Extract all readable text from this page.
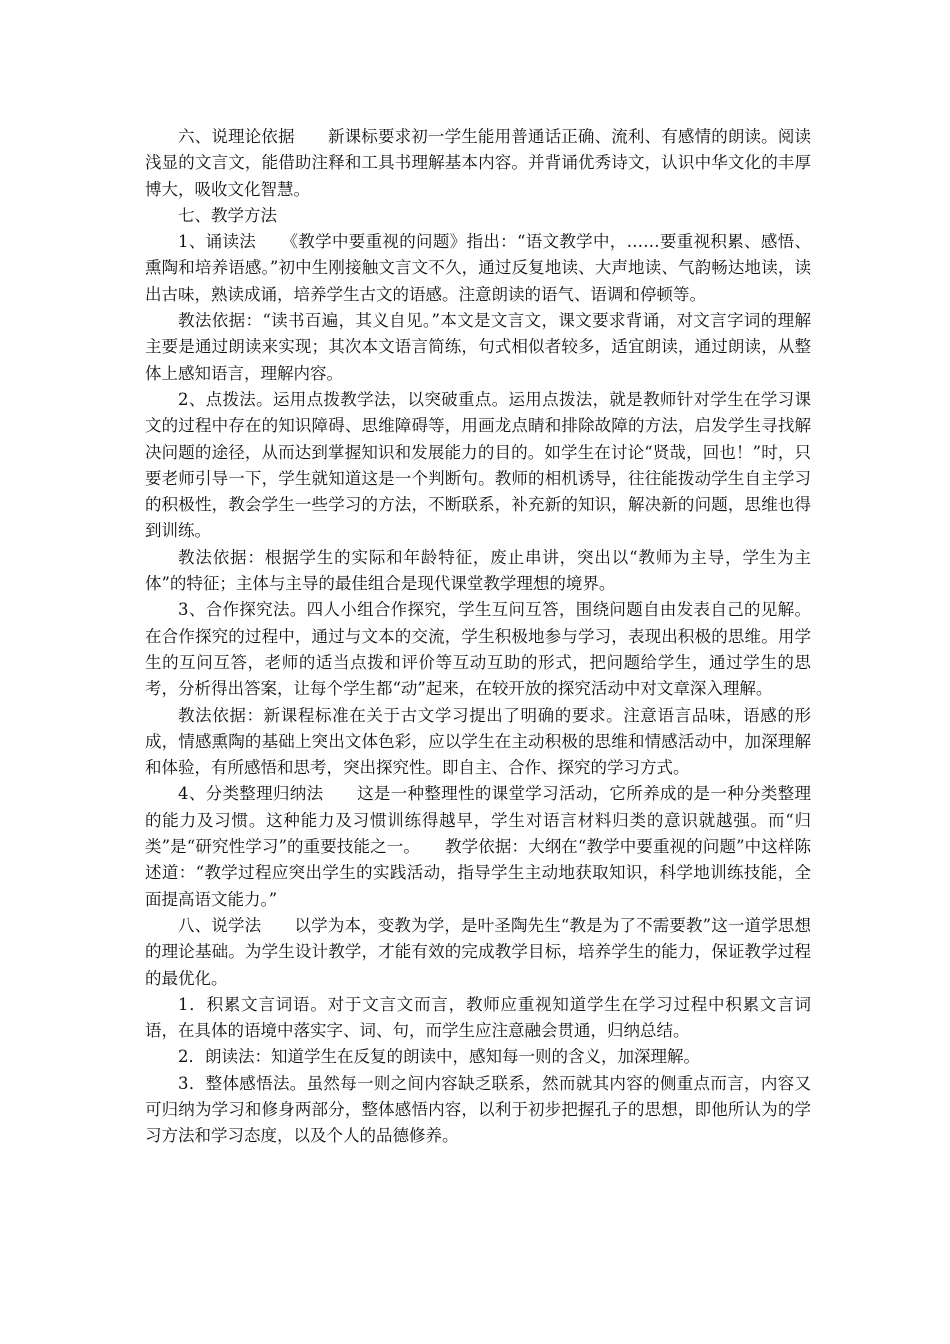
六、说理论依据　　新课标要求初一学生能用普通话正确、流利、有感情的朗读。阅读浅显的文言文，能借助注释和工具书理解基本内容。并背诵优秀诗文，认识中华文化的丰厚博大，吸收文化智慧。

七、教学方法

1、诵读法　　《教学中要重视的问题》指出：“语文教学中，……要重视积累、感悟、熏陶和培养语感。”初中生刚接触文言文不久，通过反复地读、大声地读、气韵畅达地读，读出古味，熟读成诵，培养学生古文的语感。注意朗读的语气、语调和停顿等。

教法依据：“读书百遍，其义自见。”本文是文言文，课文要求背诵，对文言字词的理解主要是通过朗读来实现；其次本文语言简练，句式相似者较多，适宜朗读，通过朗读，从整体上感知语言，理解内容。

2、点拨法。运用点拨教学法，以突破重点。运用点拨法，就是教师针对学生在学习课文的过程中存在的知识障碍、思维障碍等，用画龙点睛和排除故障的方法，启发学生寻找解决问题的途径，从而达到掌握知识和发展能力的目的。如学生在讨论“贤哉，回也！”时，只要老师引导一下，学生就知道这是一个判断句。教师的相机诱导，往往能拨动学生自主学习的积极性，教会学生一些学习的方法，不断联系，补充新的知识，解决新的问题，思维也得到训练。

教法依据：根据学生的实际和年龄特征，废止串讲，突出以“教师为主导，学生为主体”的特征；主体与主导的最佳组合是现代课堂教学理想的境界。

3、合作探究法。四人小组合作探究，学生互问互答，围绕问题自由发表自己的见解。在合作探究的过程中，通过与文本的交流，学生积极地参与学习，表现出积极的思维。用学生的互问互答，老师的适当点拨和评价等互动互助的形式，把问题给学生，通过学生的思考，分析得出答案，让每个学生都“动”起来，在较开放的探究活动中对文章深入理解。

教法依据：新课程标准在关于古文学习提出了明确的要求。注意语言品味，语感的形成，情感熏陶的基础上突出文体色彩，应以学生在主动积极的思维和情感活动中，加深理解和体验，有所感悟和思考，突出探究性。即自主、合作、探究的学习方式。

4、分类整理归纳法　　这是一种整理性的课堂学习活动，它所养成的是一种分类整理的能力及习惯。这种能力及习惯训练得越早，学生对语言材料归类的意识就越强。而“归类”是“研究性学习”的重要技能之一。　　教学依据：大纲在“教学中要重视的问题”中这样陈述道：“教学过程应突出学生的实践活动，指导学生主动地获取知识，科学地训练技能，全面提高语文能力。”

八、说学法　　以学为本，变教为学，是叶圣陶先生“教是为了不需要教”这一道学思想的理论基础。为学生设计教学，才能有效的完成教学目标，培养学生的能力，保证教学过程的最优化。

1．积累文言词语。对于文言文而言，教师应重视知道学生在学习过程中积累文言词语，在具体的语境中落实字、词、句，而学生应注意融会贯通，归纳总结。

2．朗读法：知道学生在反复的朗读中，感知每一则的含义，加深理解。

3．整体感悟法。虽然每一则之间内容缺乏联系，然而就其内容的侧重点而言，内容又可归纳为学习和修身两部分，整体感悟内容，以利于初步把握孔子的思想，即他所认为的学习方法和学习态度，以及个人的品德修养。
